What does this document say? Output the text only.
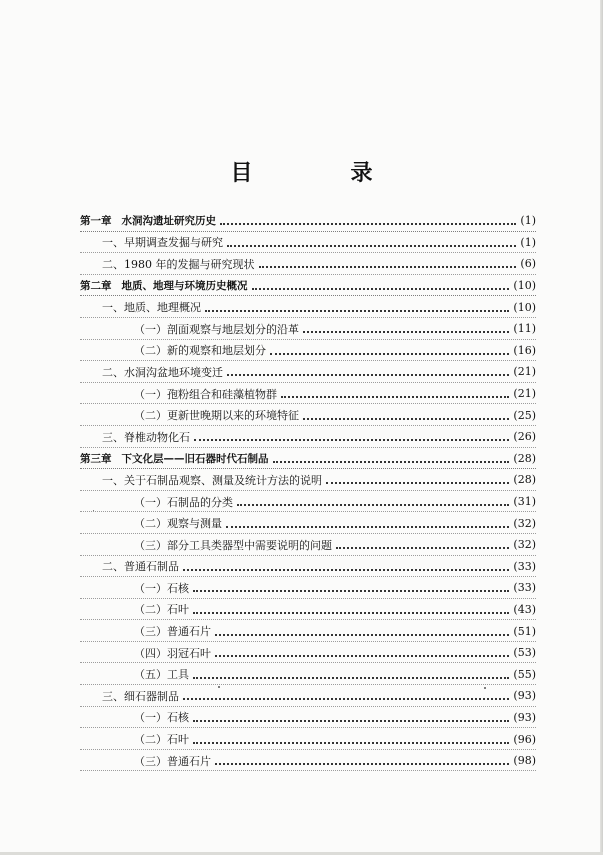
目　录
第一章 水洞沟遗址研究历史	(1)
一、早期调查发掘与研究	(1)
二、1980 年的发掘与研究现状	(6)
第二章 地质、地理与环境历史概况	(10)
一、地质、地理概况	(10)
（一）剖面观察与地层划分的沿革	(11)
（二）新的观察和地层划分	(16)
二、水洞沟盆地环境变迁	(21)
（一）孢粉组合和硅藻植物群	(21)
（二）更新世晚期以来的环境特征	(25)
三、脊椎动物化石	(26)
第三章 下文化层——旧石器时代石制品	(28)
一、关于石制品观察、测量及统计方法的说明	(28)
（一）石制品的分类	(31)
（二）观察与测量	(32)
（三）部分工具类器型中需要说明的问题	(32)
二、普通石制品	(33)
（一）石核	(33)
（二）石叶	(43)
（三）普通石片	(51)
（四）羽冠石叶	(53)
（五）工具	(55)
三、细石器制品	(93)
（一）石核	(93)
（二）石叶	(96)
（三）普通石片	(98)
